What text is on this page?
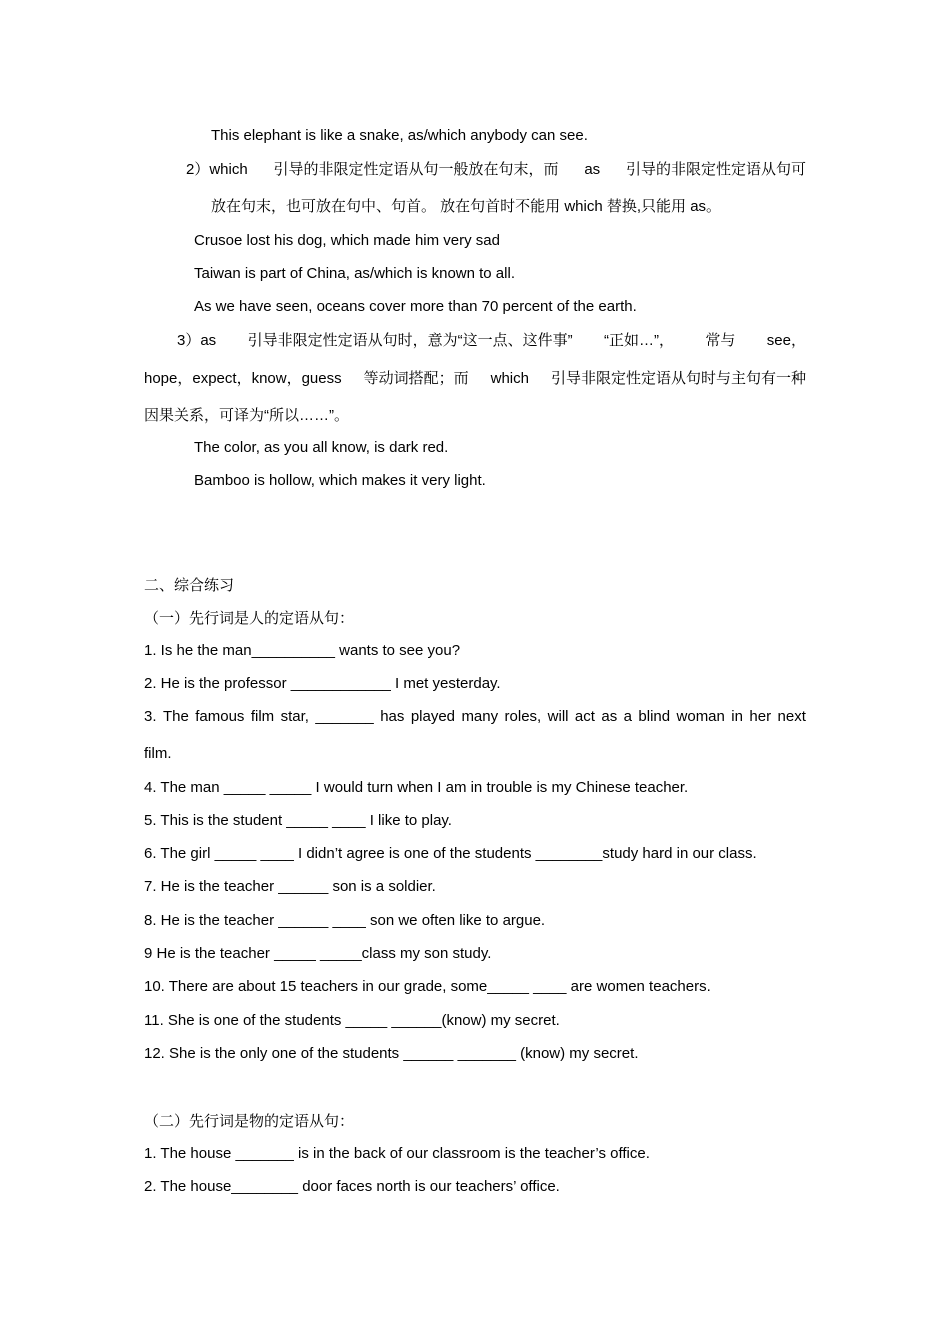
This elephant is like a snake, as/which anybody can see.
2）which 引导的非限定性定语从句一般放在句末，而 as 引导的非限定性定语从句可
放在句末，也可放在句中、句首。 放在句首时不能用 which 替换,只能用 as。
Crusoe lost his dog, which made him very sad
Taiwan is part of China, as/which is known to all.
As we have seen, oceans cover more than 70 percent of the earth.
3）as 引导非限定性定语从句时，意为“这一点、这件事” “正如…”， 常与 see，
hope，expect，know，guess 等动词搭配；而 which 引导非限定性定语从句时与主句有一种
因果关系，可译为“所以……”。
The color, as you all know, is dark red.
Bamboo is hollow, which makes it very light.
二、综合练习
（一）先行词是人的定语从句：
1. Is he the man__________ wants to see you?
2. He is the professor ____________ I met yesterday.
3. The famous film star, _______ has played many roles, will act as a blind woman in her next
film.
4. The man _____ _____ I would turn when I am in trouble is my Chinese teacher.
5. This is the student _____ ____ I like to play.
6. The girl _____ ____ I didn’t agree is one of the students ________study hard in our class.
7. He is the teacher ______ son is a soldier.
8. He is the teacher ______ ____ son we often like to argue.
9 He is the teacher _____ _____class my son study.
10. There are about 15 teachers in our grade, some_____ ____ are women teachers.
11. She is one of the students _____ ______(know) my secret.
12. She is the only one of the students ______ _______ (know) my secret.
（二）先行词是物的定语从句：
1. The house _______ is in the back of our classroom is the teacher’s office.
2. The house________ door faces north is our teachers’ office.
